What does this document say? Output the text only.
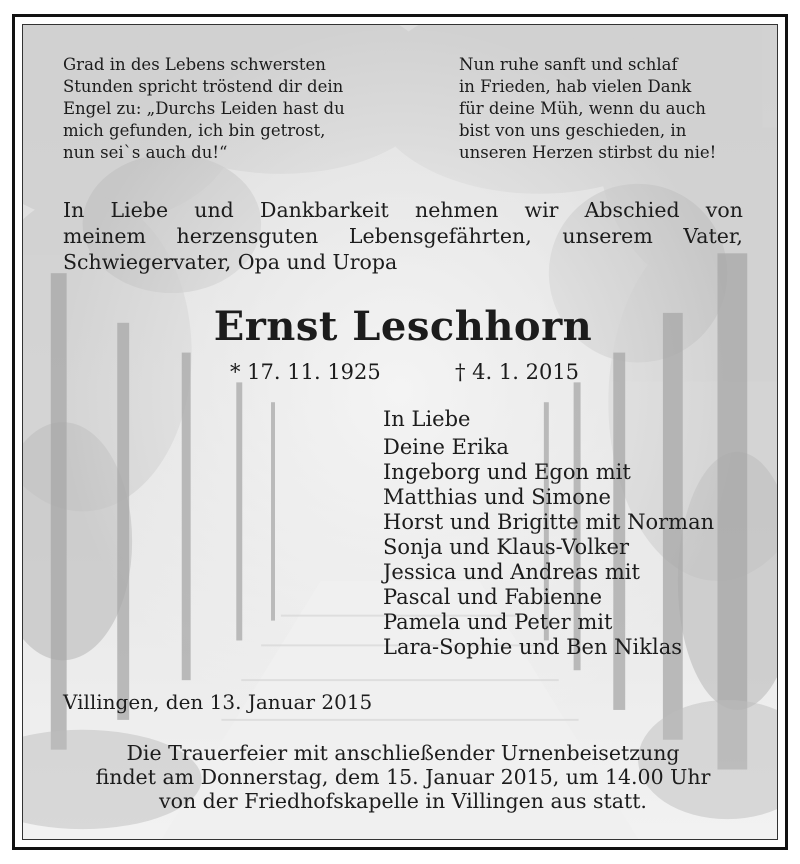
Grad in des Lebens schwersten
Stunden spricht tröstend dir dein
Engel zu: „Durchs Leiden hast du
mich gefunden, ich bin getrost,
nun sei`s auch du!“
Nun ruhe sanft und schlaf
in Frieden, hab vielen Dank
für deine Müh, wenn du auch
bist von uns geschieden, in
unseren Herzen stirbst du nie!
In Liebe und Dankbarkeit nehmen wir Abschied von
meinem herzensguten Lebensgefährten, unserem Vater,
Schwiegervater, Opa und Uropa
Ernst Leschhorn
* 17. 11. 1925	† 4. 1. 2015
In Liebe
Deine Erika
Ingeborg und Egon mit
Matthias und Simone
Horst und Brigitte mit Norman
Sonja und Klaus-Volker
Jessica und Andreas mit
Pascal und Fabienne
Pamela und Peter mit
Lara-Sophie und Ben Niklas
Villingen, den 13. Januar 2015
Die Trauerfeier mit anschließender Urnenbeisetzung
findet am Donnerstag, dem 15. Januar 2015, um 14.00 Uhr
von der Friedhofskapelle in Villingen aus statt.
